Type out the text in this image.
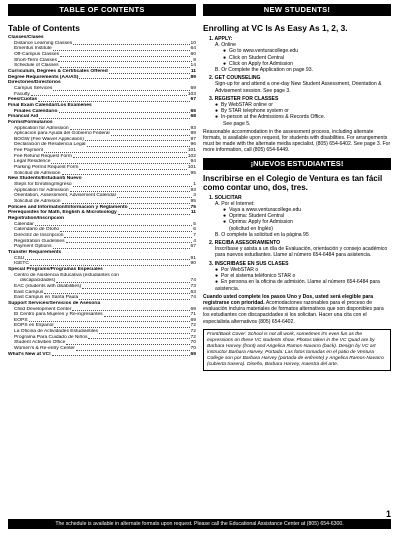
TABLE OF CONTENTS	NEW STUDENTS!
Table of Contents
Classes/Clases
Distance Learning Classes	10
Emeritus Institute	64
Off-Campus Classes	60
Short-Term Classes	9
Schedule of Classes	14
Curriculum, Degrees & Certificates Offered	11
Degree Requirements (AA/AS)	89
Directories/Directorios
Campus Services	69
Faculty	103
Fees/Cuotas	67
Final Exam Calendar/Los Examenes
Finales Calendario	65
Financial Aid	68
Forms/Formularios
Application for Admission	93
Aplicacion para Ayuda del Gobierno Federal	89
BOGW (Fee Waiver Application)	97
Declaracion de Residencia Legal	96
Fee Payment	101
Fee Refund Request Form	102
Legal Residence	94
Parking Permit Request Form	101
Solicitud de Admision	95
New Students/Estudianti Nuevo
Steps for Enrolling/Ingreso	1
Application for Admission	93
Orientation, Assessment, Advisement Calendar	3
Solicitud de Admision	95
Policies and Information/Informacion y Reglamento	75
Prerequisites for Math, English & Microbiology	11
Registration/Inscripcion
Calendar	5
Calendario de Otoño	6
Directriz de Inscripcion	7
Registration Guidelines	4
Payment Options	67
Transfer Requirements
CSU	91
IGETC	90
Special Programs/Programas Especiales
Centro de Asistencia Educativa (estudiantes con
discapacidades)	74
EAC (students with disabilities)	73
East Campus	63
East Campus en Santa Paula	74
Support Services/Servicios de Asesoria
Child Development Center	69
El Centro para Mujeres y Re-ingresantes	71
EOPS	69
EOPS en Espanol	72
La Oficina de Actividades Estudiantiles	72
Programa Para Cuidado de Niños	72
Student Activities Office	70
Women's & Re-entry Center	70
What's New at VC!	69
Enrolling at VC Is As Easy As 1, 2, 3.
1. APPLY:
A. Online
● Go to www.venturacollege.edu
● Click on Student Central
● Click on Apply for Admission
B. Or Complete the Application on page 93.
2. GET COUNSELING
Sign-up for and attend a one-day New Student Assessment, Orientation & Advisement session. See page 3.
3. REGISTER FOR CLASSES
● By WebSTAR online or
● By STAR telephone system or
● In-person at the Admissions & Records Office.
See page 5.
Reasonable accommodation in the assessment process, including alternate formats, is available upon request, for students with disabilities. For arrangements must be made with the alternate media specialist, (805) 654-6402. See page 3. For more information, call (805) 654-6449.
¡NUEVOS ESTUDIANTES!
Inscribirse en el Colegio de Ventura es tan fácil como contar uno, dos, tres.
1. SOLICITAR
A. Por el Internet:
● Vaya a www.venturacollege.edu
● Oprima: Student Central
● Oprima: Apply for Admission
(solicitud en Inglés)
B. O complete la solicitud en la página 95
2. RECIBA ASESORAMIENTO
Inscríbase y asista a un día de Evaluación, orientación y consejo académico para nuevos estudiantes. Llame al número 654-6484 para asistencia.
3. INSCRIBASE EN SUS CLASES
● Por WebSTAR o
● Por el sistema teléfonico STAR o
● En persona en la oficina de admisión. Llame al número 654-6484 para asistencia.
Cuando usted complete los pasos Uno y Dos, usted será elegible para registrarse con prioridad. Acomodaciones razonables para el proceso de evaluación incluira materiales de formatos alternativos que son disponibles para los estudiantes con discapacidades si los solicitan. Hacer una cita con el especialista alternativos (805) 654-6402.
Front/Back Cover: School is not all work, sometimes it's even fun as the expressions on these VC students show. Photos taken in the VC Quad are by Barbara Harvey (front) and Angelica Ramos-Navarro (back). Design by VC art instructor Barbara Harvey. Portada: Las fotos tomadas en el patio de Ventura College son por Barbara Harvey (portada de enfrente) y Angelica Ramos-Navarro (cubierta trasera). Diseño, Barbara Harvey, maestra del arte.
1
The schedule is available in alternate formats upon request. Please call the Educational Assistance Center at (805) 654-6300.
